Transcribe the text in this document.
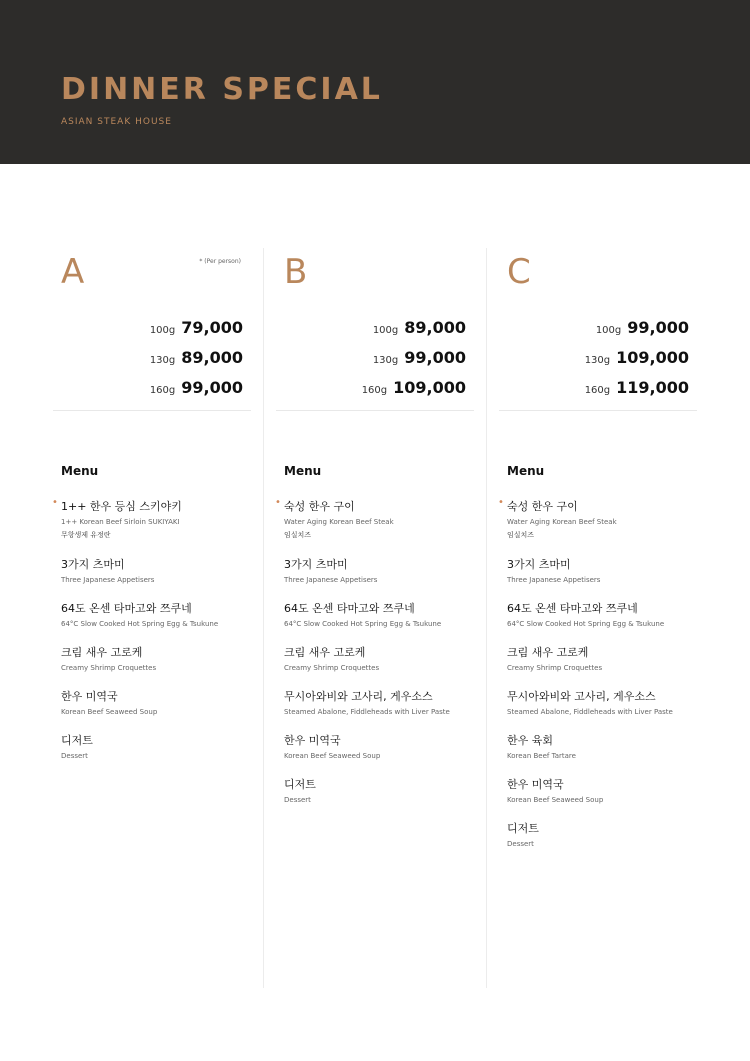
DINNER SPECIAL
ASIAN STEAK HOUSE
A	* (Per person)
100g 79,000
130g 89,000
160g 99,000
Menu
• 1++ 한우 등심 스키야키
1++ Korean Beef Sirloin SUKIYAKI
무항생제 유정란
3가지 츠마미
Three Japanese Appetisers
64도 온센 타마고와 쯔쿠네
64°C Slow Cooked Hot Spring Egg & Tsukune
크림 새우 고로케
Creamy Shrimp Croquettes
한우 미역국
Korean Beef Seaweed Soup
디저트
Dessert
B
100g 89,000
130g 99,000
160g 109,000
Menu
• 숙성 한우 구이
Water Aging Korean Beef Steak
임실치즈
3가지 츠마미
Three Japanese Appetisers
64도 온센 타마고와 쯔쿠네
64°C Slow Cooked Hot Spring Egg & Tsukune
크림 새우 고로케
Creamy Shrimp Croquettes
무시아와비와 고사리, 게우소스
Steamed Abalone, Fiddleheads with Liver Paste
한우 미역국
Korean Beef Seaweed Soup
디저트
Dessert
C
100g 99,000
130g 109,000
160g 119,000
Menu
• 숙성 한우 구이
Water Aging Korean Beef Steak
임실치즈
3가지 츠마미
Three Japanese Appetisers
64도 온센 타마고와 쯔쿠네
64°C Slow Cooked Hot Spring Egg & Tsukune
크림 새우 고로케
Creamy Shrimp Croquettes
무시아와비와 고사리, 게우소스
Steamed Abalone, Fiddleheads with Liver Paste
한우 육회
Korean Beef Tartare
한우 미역국
Korean Beef Seaweed Soup
디저트
Dessert
